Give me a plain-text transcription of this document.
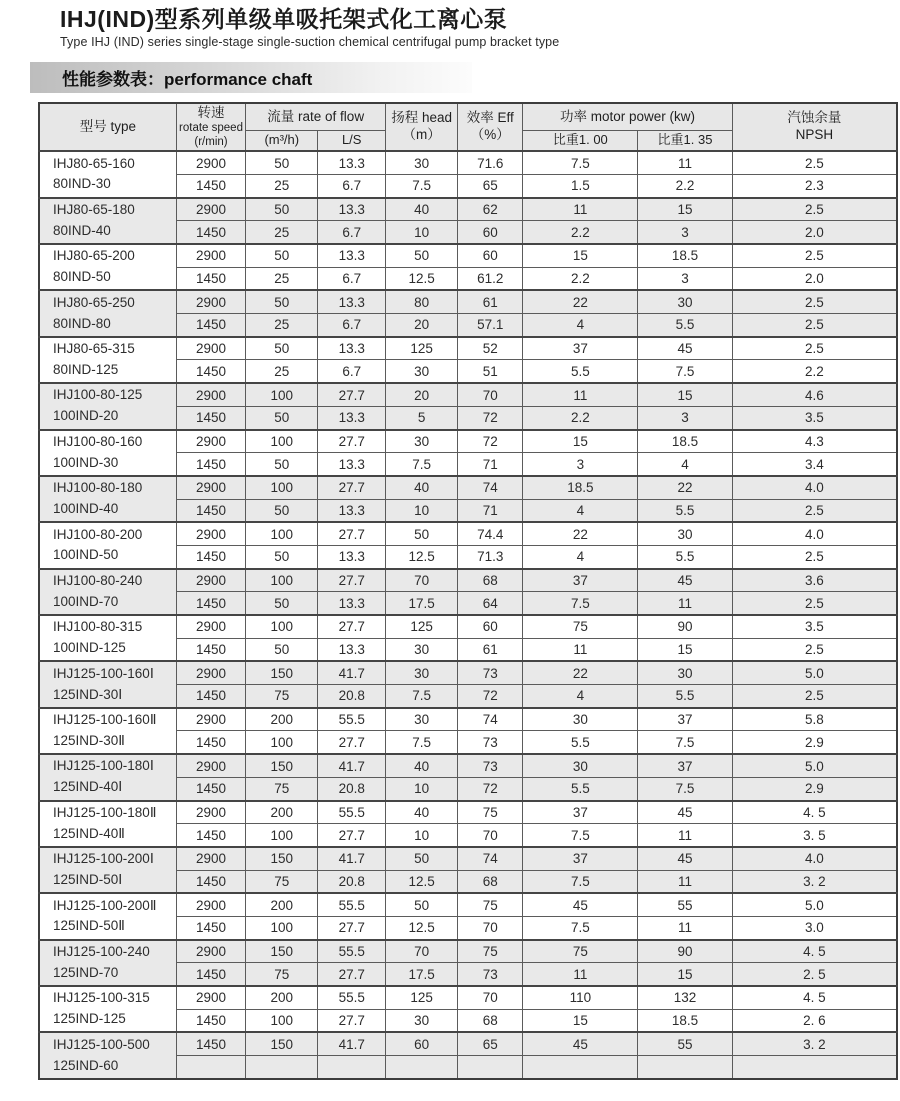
IHJ(IND)型系列单级单吸托架式化工离心泵
Type IHJ (IND) series single-stage single-suction chemical centrifugal pump bracket type
性能参数表：performance chaft
型号 type	转速
rotate speed
(r/min)	流量 rate of flow		扬程 head
（m）	效率 Eff
（%）	功率 motor power (kw)		汽蚀余量
NPSH

		(m³/h)	L/S			比重1. 00	比重1. 35	

IHJ80-65-160
80IND-30	2900	50	13.3	30	71.6	7.5	11	2.5
	1450	25	6.7	7.5	65	1.5	2.2	2.3

IHJ80-65-180
80IND-40	2900	50	13.3	40	62	11	15	2.5
	1450	25	6.7	10	60	2.2	3	2.0

IHJ80-65-200
80IND-50	2900	50	13.3	50	60	15	18.5	2.5
	1450	25	6.7	12.5	61.2	2.2	3	2.0

IHJ80-65-250
80IND-80	2900	50	13.3	80	61	22	30	2.5
	1450	25	6.7	20	57.1	4	5.5	2.5

IHJ80-65-315
80IND-125	2900	50	13.3	125	52	37	45	2.5
	1450	25	6.7	30	51	5.5	7.5	2.2

IHJ100-80-125
100IND-20	2900	100	27.7	20	70	11	15	4.6
	1450	50	13.3	5	72	2.2	3	3.5

IHJ100-80-160
100IND-30	2900	100	27.7	30	72	15	18.5	4.3
	1450	50	13.3	7.5	71	3	4	3.4

IHJ100-80-180
100IND-40	2900	100	27.7	40	74	18.5	22	4.0
	1450	50	13.3	10	71	4	5.5	2.5

IHJ100-80-200
100IND-50	2900	100	27.7	50	74.4	22	30	4.0
	1450	50	13.3	12.5	71.3	4	5.5	2.5

IHJ100-80-240
100IND-70	2900	100	27.7	70	68	37	45	3.6
	1450	50	13.3	17.5	64	7.5	11	2.5

IHJ100-80-315
100IND-125	2900	100	27.7	125	60	75	90	3.5
	1450	50	13.3	30	61	11	15	2.5

IHJ125-100-160Ⅰ
125IND-30Ⅰ	2900	150	41.7	30	73	22	30	5.0
	1450	75	20.8	7.5	72	4	5.5	2.5

IHJ125-100-160Ⅱ
125IND-30Ⅱ	2900	200	55.5	30	74	30	37	5.8
	1450	100	27.7	7.5	73	5.5	7.5	2.9

IHJ125-100-180Ⅰ
125IND-40Ⅰ	2900	150	41.7	40	73	30	37	5.0
	1450	75	20.8	10	72	5.5	7.5	2.9

IHJ125-100-180Ⅱ
125IND-40Ⅱ	2900	200	55.5	40	75	37	45	4. 5
	1450	100	27.7	10	70	7.5	11	3. 5

IHJ125-100-200Ⅰ
125IND-50Ⅰ	2900	150	41.7	50	74	37	45	4.0
	1450	75	20.8	12.5	68	7.5	11	3. 2

IHJ125-100-200Ⅱ
125IND-50Ⅱ	2900	200	55.5	50	75	45	55	5.0
	1450	100	27.7	12.5	70	7.5	11	3.0

IHJ125-100-240
125IND-70	2900	150	55.5	70	75	75	90	4. 5
	1450	75	27.7	17.5	73	11	15	2. 5

IHJ125-100-315
125IND-125	2900	200	55.5	125	70	110	132	4. 5
	1450	100	27.7	30	68	15	18.5	2. 6

IHJ125-100-500
125IND-60	1450	150	41.7	60	65	45	55	3. 2
